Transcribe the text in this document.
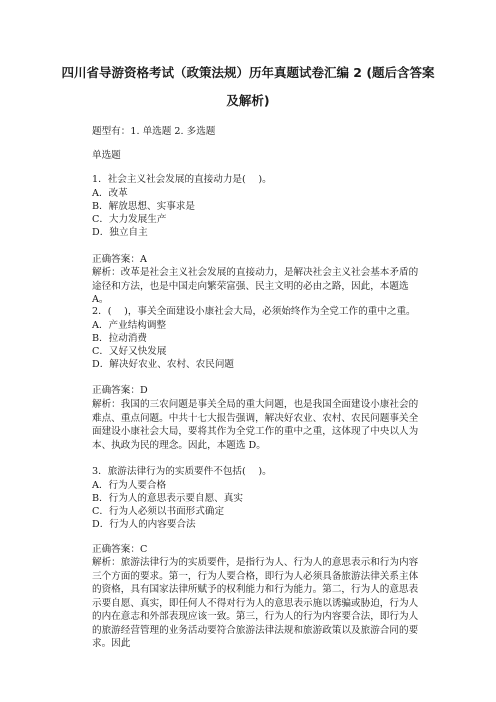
四川省导游资格考试（政策法规）历年真题试卷汇编 2 (题后含答案
及解析)
题型有：1. 单选题 2. 多选题
单选题
1．社会主义社会发展的直接动力是(　 )。
A．改革
B．解放思想、实事求是
C．大力发展生产
D．独立自主
正确答案：A
解析：改革是社会主义社会发展的直接动力，是解决社会主义社会基本矛盾的途径和方法，也是中国走向繁荣富强、民主文明的必由之路，因此，本题选 A。
2．(　 )，事关全面建设小康社会大局，必须始终作为全党工作的重中之重。
A．产业结构调整
B．拉动消费
C．又好又快发展
D．解决好农业、农村、农民问题
正确答案：D
解析：我国的三农问题是事关全局的重大问题，也是我国全面建设小康社会的难点、重点问题。中共十七大报告强调，解决好农业、农村、农民问题事关全面建设小康社会大局，要将其作为全党工作的重中之重，这体现了中央以人为本、执政为民的理念。因此，本题选 D。
3．旅游法律行为的实质要件不包括(　 )。
A．行为人要合格
B．行为人的意思表示要自愿、真实
C．行为人必须以书面形式确定
D．行为人的内容要合法
正确答案：C
解析：旅游法律行为的实质要件，是指行为人、行为人的意思表示和行为内容三个方面的要求。第一，行为人要合格，即行为人必须具备旅游法律关系主体的资格，具有国家法律所赋予的权利能力和行为能力。第二，行为人的意思表示要自愿、真实，即任何人不得对行为人的意思表示施以诱骗或胁迫，行为人的内在意志和外部表现应该一致。第三，行为人的行为内容要合法，即行为人的旅游经营管理的业务活动要符合旅游法律法规和旅游政策以及旅游合同的要求。因此
